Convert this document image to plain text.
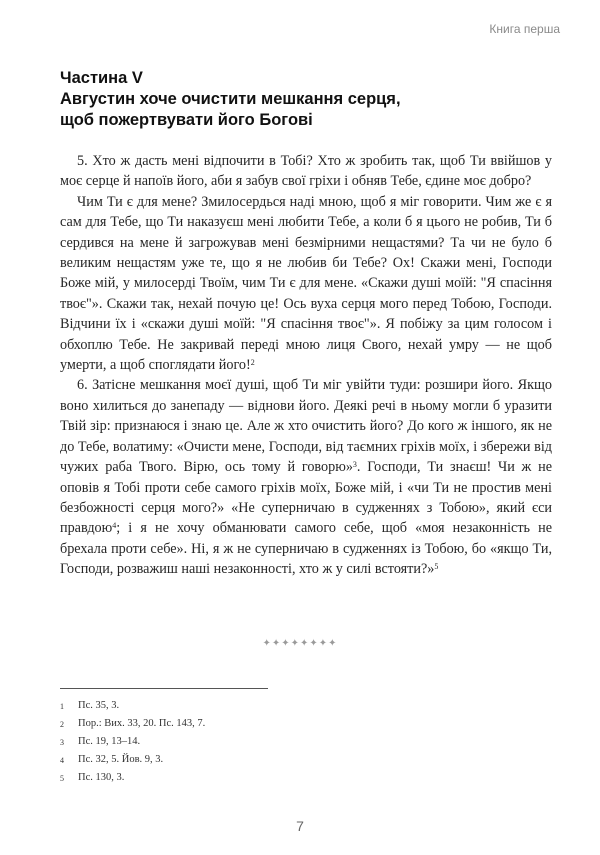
Книга перша
Частина V
Августин хоче очистити мешкання серця,
щоб пожертвувати його Богові

5. Хто ж дасть мені відпочити в Тобі? Хто ж зробить так, щоб Ти ввійшов у моє серце й напоїв його, аби я забув свої гріхи і обняв Тебе, єдине моє добро?

Чим Ти є для мене? Змилосердься наді мною, щоб я міг говорити. Чим же є я сам для Тебе, що Ти наказуєш мені любити Тебе, а коли б я цього не робив, Ти б сердився на мене й загрожував мені безмірними нещастями? Та чи не було б великим нещастям уже те, що я не любив би Тебе? Ох! Скажи мені, Господи Боже мій, у милосерді Твоїм, чим Ти є для мене. «Скажи душі моїй: "Я спасіння твоє"». Скажи так, нехай почую це! Ось вуха серця мого перед Тобою, Господи. Відчини їх і «скажи душі моїй: "Я спасіння твоє"». Я побіжу за цим голосом і обхоплю Тебе. Не закривай переді мною лиця Свого, нехай умру — не щоб умерти, а щоб споглядати його!$^2$

6. Затісне мешкання моєї душі, щоб Ти міг увійти туди: розшири його. Якщо воно хилиться до занепаду — віднови його. Деякі речі в ньому могли б уразити Твій зір: признаюся і знаю це. Але ж хто очистить його? До кого ж іншого, як не до Тебе, волатиму: «Очисти мене, Господи, від таємних гріхів моїх, і збережи від чужих раба Твого. Вірю, ось тому й говорю»$^3$. Господи, Ти знаєш! Чи ж не оповів я Тобі проти себе самого гріхів моїх, Боже мій, і «чи Ти не простив мені безбожності серця мого?» «Не суперничаю в судженнях з Тобою», який єси правдою$^4$; і я не хочу обманювати самого себе, щоб «моя незаконність не брехала проти себе». Ні, я ж не суперничаю в судженнях із Тобою, бо «якщо Ти, Господи, розважиш наші незаконності, хто ж у силі встояти?»$^5$

✦✦✦✦✦✦✦✦
1	Пс. 35, 3.
2	Пор.: Вих. 33, 20. Пс. 143, 7.
3	Пс. 19, 13–14.
4	Пс. 32, 5. Йов. 9, 3.
5	Пс. 130, 3.
7
